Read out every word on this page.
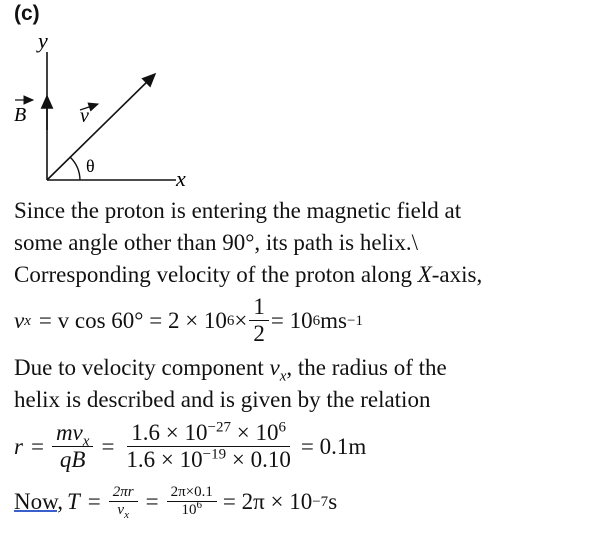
(c)
y
x
B	v
θ
Since the proton is entering the magnetic field at
some angle other than 90°, its path is helix.\
Corresponding velocity of the proton along X-axis,
v x = v cos 60° = 2 × 10 $6 \times \frac{1}{2} = 10$ 6 ms −1
Due to velocity component $v_x$, the radius of the
helix is described and is given by the relation
$r = \frac{mv_x}{qB} = \frac{1.6 \times 10^{-27} \times 10^6}{1.6 \times 10^{-19} \times 0.10} = 0.1m$
Now, $T = \frac{2\pi r}{v_x} = \frac{2\pi\times 0.1}{10^6} = 2\pi \times 10 -7$ s
